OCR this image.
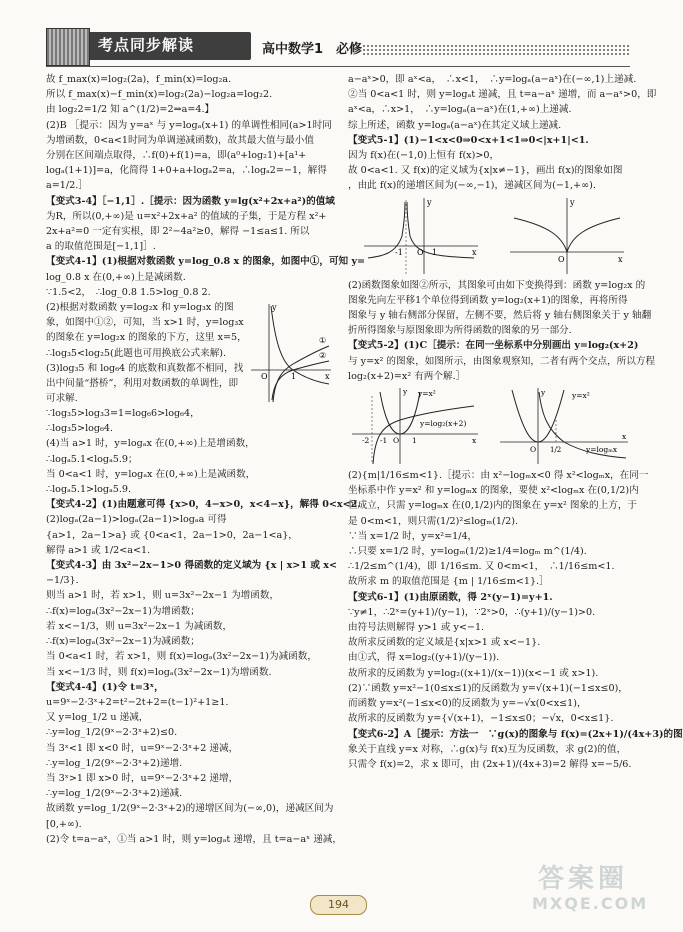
考点同步解读	高中数学1　必修

故 f_max(x)=log₂(2a)，f_min(x)=log₂a.

所以 f_max(x)−f_min(x)=log₂(2a)−log₂a=log₂2.

由 log₂2=1/2 知 a^(1/2)=2⇒a=4.】

(2)B ［提示：因为 y=aˣ 与 y=logₐ(x+1) 的单调性相同(a>1时同

为增函数，0<a<1时同为单调递减函数)，故其最大值与最小值

分别在区间端点取得，∴f(0)+f(1)=a，即(a⁰+log₂1)+[a¹+

logₐ(1+1)]=a，化简得 1+0+a+logₐ2=a，∴logₐ2=−1，解得

a=1/2.］

【变式3-4】［−1,1］.［提示：因为函数 y=lg(x²+2x+a²)的值域

为R，所以(0,+∞)是 u=x²+2x+a² 的值域的子集，于是方程 x²+

2x+a²=0 一定有实根，即 2²−4a²≥0，解得 −1≤a≤1. 所以

a 的取值范围是[−1,1]］.

【变式4-1】(1)根据对数函数 y=log_0.8 x 的图象，如图中①，可知 y=

log_0.8 x 在(0,+∞)上是减函数.

∵1.5<2，　∴log_0.8 1.5>log_0.8 2.

(2)根据对数函数 y=log₂x 和 y=log₃x 的图

象，如图中①②，可知，当 x>1 时，y=log₃x

的图象在 y=log₂x 的图象的下方，这里 x=5，

∴log₃5<log₂5(此题也可用换底公式来解).

(3)log₃5 和 log₆4 的底数和真数都不相同，找

出中间量“搭桥”，利用对数函数的单调性，即

可求解.

y
x
O	1
①
②

∵log₃5>log₃3=1=log₆6>log₆4，

∴log₃5>log₆4.

(4)当 a>1 时，y=logₐx 在(0,+∞)上是增函数，

∴logₐ5.1<logₐ5.9；

当 0<a<1 时，y=logₐx 在(0,+∞)上是减函数，

∴logₐ5.1>logₐ5.9.

【变式4-2】(1)由题意可得 {x>0，4−x>0，x<4−x}，解得 0<x<2.

(2)logₐ(2a−1)>logₐ(2a−1)>logₐa 可得

{a>1，2a−1>a} 或 {0<a<1，2a−1>0，2a−1<a}，

解得 a>1 或 1/2<a<1.

【变式4-3】由 3x²−2x−1>0 得函数的定义域为 {x | x>1 或 x<

−1/3}.

则当 a>1 时，若 x>1，则 u=3x²−2x−1 为增函数，

∴f(x)=logₐ(3x²−2x−1)为增函数；

若 x<−1/3，则 u=3x²−2x−1 为减函数，

∴f(x)=logₐ(3x²−2x−1)为减函数；

当 0<a<1 时，若 x>1，则 f(x)=logₐ(3x²−2x−1)为减函数，

当 x<−1/3 时，则 f(x)=logₐ(3x²−2x−1)为增函数.

【变式4-4】(1)令 t=3ˣ，

u=9ˣ−2·3ˣ+2=t²−2t+2=(t−1)²+1≥1.

又 y=log_1/2 u 递减，

∴y=log_1/2(9ˣ−2·3ˣ+2)≤0.

当 3ˣ<1 即 x<0 时，u=9ˣ−2·3ˣ+2 递减，

∴y=log_1/2(9ˣ−2·3ˣ+2)递增.

当 3ˣ>1 即 x>0 时，u=9ˣ−2·3ˣ+2 递增，

∴y=log_1/2(9ˣ−2·3ˣ+2)递减.

故函数 y=log_1/2(9ˣ−2·3ˣ+2)的递增区间为(−∞,0)，递减区间为

[0,+∞).

(2)令 t=a−aˣ，①当 a>1 时，则 y=logₐt 递增，且 t=a−aˣ 递减，

a−aˣ>0，即 aˣ<a，　∴x<1，　∴y=logₐ(a−aˣ)在(−∞,1)上递减.

②当 0<a<1 时，则 y=logₐt 递减，且 t=a−aˣ 递增，而 a−aˣ>0，即

aˣ<a，∴x>1，　∴y=logₐ(a−aˣ)在(1,+∞)上递减.

综上所述，函数 y=logₐ(a−aˣ)在其定义域上递减.

【变式5-1】(1)−1<x<0⇒0<x+1<1⇒0<|x+1|<1.

因为 f(x)在(−1,0)上恒有 f(x)>0，

故 0<a<1. 又 f(x)的定义域为{x|x≠−1}，画出 f(x)的图象如图

，由此 f(x)的递增区间为(−∞,−1)，递减区间为(−1,+∞).

y
x
-1 O 1
y
x
O

(2)函数图象如图②所示，其图象可由如下变换得到：函数 y=log₂x 的

图象先向左平移1个单位得到函数 y=log₂(x+1)的图象，再将所得

图象与 y 轴右侧部分保留，左侧不要，然后将 y 轴右侧图象关于 y 轴翻

折所得图象与原图象即为所得函数的图象的另一部分.

【变式5-2】(1)C［提示：在同一坐标系中分别画出 y=log₂(x+2)

与 y=x² 的图象，如图所示，由图象观察知，二者有两个交点，所以方程

log₂(x+2)=x² 有两个解.］

y=x²
y=log₂(x+2)
-2 -1 O 1	x
y	y	y=x²
y=logₘx
O 1/2
x

(2){m|1/16≤m<1}.［提示：由 x²−logₘx<0 得 x²<logₘx，在同一

坐标系中作 y=x² 和 y=logₘx 的图象，要使 x²<logₘx 在(0,1/2)内

恒成立，只需 y=logₘx 在(0,1/2)内的图象在 y=x² 图象的上方，于

是 0<m<1，则只需(1/2)²≤logₘ(1/2).

∵当 x=1/2 时，y=x²=1/4，

∴只要 x=1/2 时，y=logₘ(1/2)≥1/4=logₘ m^(1/4).

∴1/2≤m^(1/4)，即 1/16≤m. 又 0<m<1，　∴1/16≤m<1.

故所求 m 的取值范围是 {m | 1/16≤m<1}.］

【变式6-1】(1)由原函数，得 2ˣ(y−1)=y+1.

∵y≠1，∴2ˣ=(y+1)/(y−1)，∵2ˣ>0，∴(y+1)/(y−1)>0.

由符号法则解得 y>1 或 y<−1.

故所求反函数的定义域是{x|x>1 或 x<−1}.

由①式，得 x=log₂((y+1)/(y−1)).

故所求的反函数为 y=log₂((x+1)/(x−1))(x<−1 或 x>1).

(2)∵函数 y=x²−1(0≤x≤1)的反函数为 y=√(x+1)(−1≤x≤0)，

而函数 y=x²(−1≤x<0)的反函数为 y=−√x(0<x≤1)，

故所求的反函数为 y={√(x+1)，−1≤x≤0；−√x，0<x≤1}.

【变式6-2】A［提示：方法一　∵g(x)的图象与 f(x)=(2x+1)/(4x+3)的图

象关于直线 y=x 对称，∴g(x)与 f(x)互为反函数，求 g(2)的值，

只需令 f(x)=2，求 x 即可，由 (2x+1)/(4x+3)=2 解得 x=−5/6.

194
答案圈
MXQE.COM
